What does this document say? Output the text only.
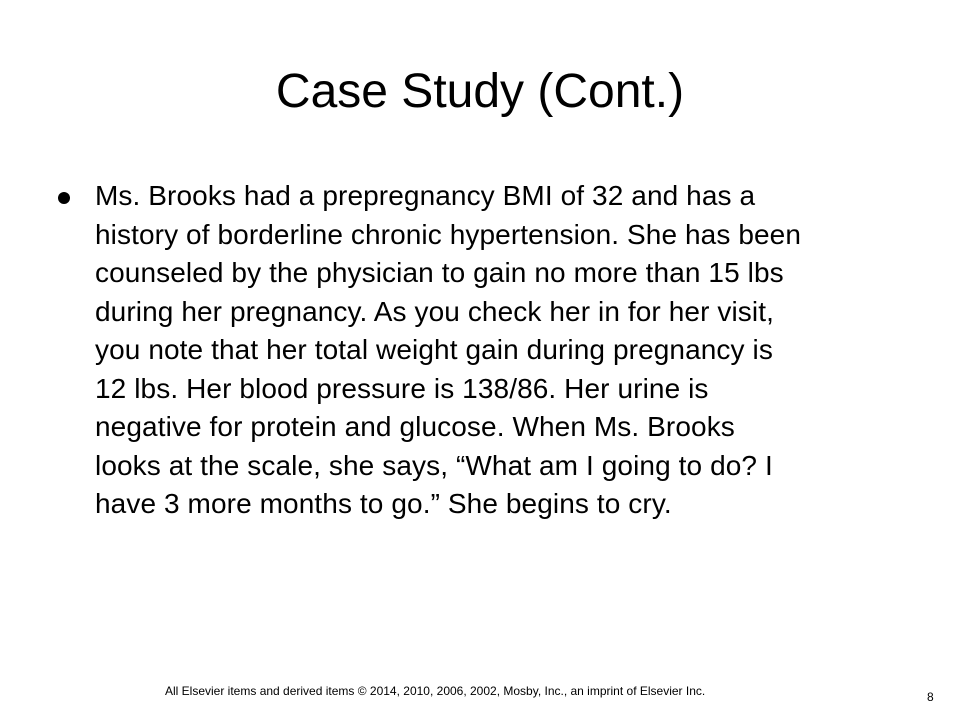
Case Study (Cont.)
Ms. Brooks had a prepregnancy BMI of 32 and has a
history of borderline chronic hypertension. She has been
counseled by the physician to gain no more than 15 lbs
during her pregnancy. As you check her in for her visit,
you note that her total weight gain during pregnancy is
12 lbs. Her blood pressure is 138/86. Her urine is
negative for protein and glucose. When Ms. Brooks
looks at the scale, she says, “What am I going to do? I
have 3 more months to go.” She begins to cry.
All Elsevier items and derived items © 2014, 2010, 2006, 2002, Mosby, Inc., an imprint of Elsevier Inc.	8
